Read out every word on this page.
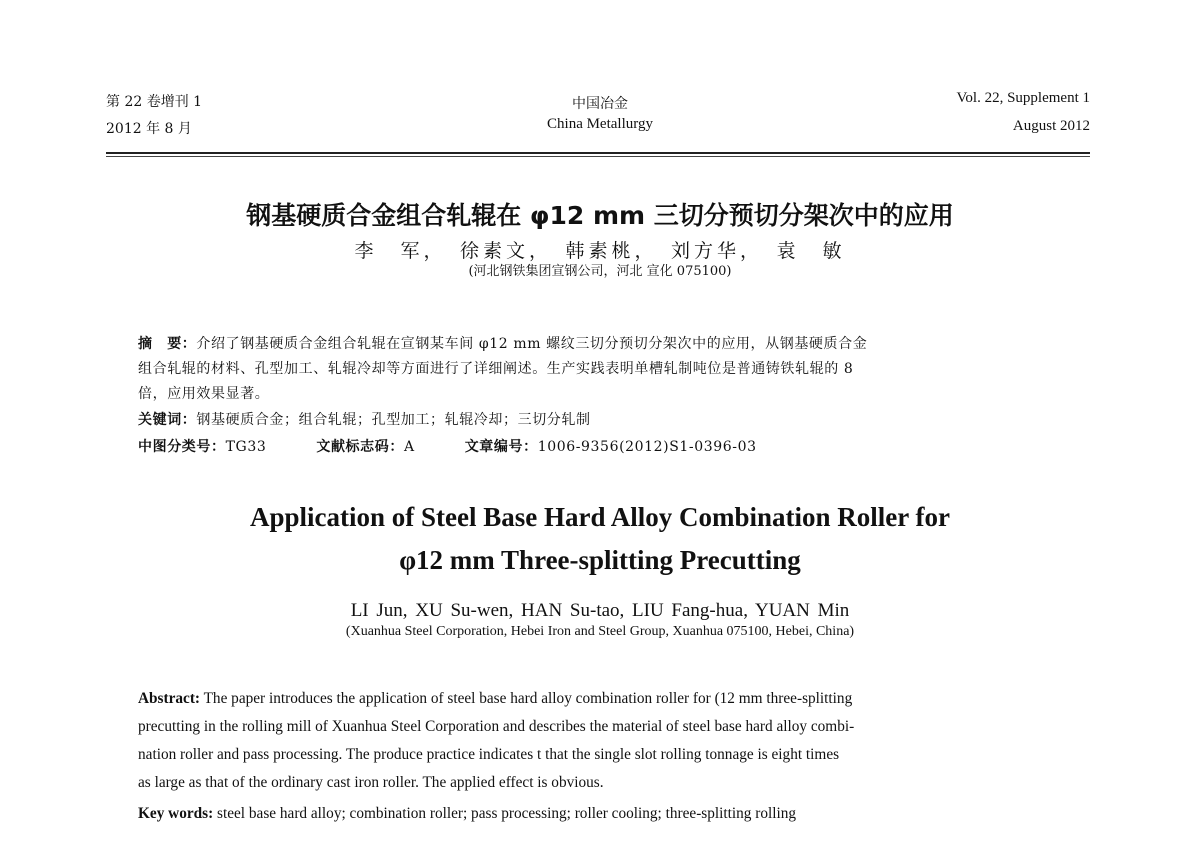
第 22 卷增刊 1
2012 年 8 月
中国冶金
China Metallurgy
Vol. 22, Supplement 1
August 2012
钢基硬质合金组合轧辊在 φ12 mm 三切分预切分架次中的应用
李　军，　徐素文，　韩素桃，　刘方华，　袁　敏
(河北钢铁集团宣钢公司，河北 宣化 075100)
摘　要：介绍了钢基硬质合金组合轧辊在宣钢某车间 φ12 mm 螺纹三切分预切分架次中的应用，从钢基硬质合金
组合轧辊的材料、孔型加工、轧辊冷却等方面进行了详细阐述。生产实践表明单槽轧制吨位是普通铸铁轧辊的 8
倍，应用效果显著。
关键词：钢基硬质合金；组合轧辊；孔型加工；轧辊冷却；三切分轧制
中图分类号：TG33	文献标志码：A	文章编号：1006-9356(2012)S1-0396-03
Application of Steel Base Hard Alloy Combination Roller for
φ12 mm Three-splitting Precutting
LI Jun, XU Su-wen, HAN Su-tao, LIU Fang-hua, YUAN Min
(Xuanhua Steel Corporation, Hebei Iron and Steel Group, Xuanhua 075100, Hebei, China)
Abstract: The paper introduces the application of steel base hard alloy combination roller for (12 mm three-splitting
precutting in the rolling mill of Xuanhua Steel Corporation and describes the material of steel base hard alloy combi-
nation roller and pass processing. The produce practice indicates t that the single slot rolling tonnage is eight times
as large as that of the ordinary cast iron roller. The applied effect is obvious.
Key words: steel base hard alloy; combination roller; pass processing; roller cooling; three-splitting rolling
